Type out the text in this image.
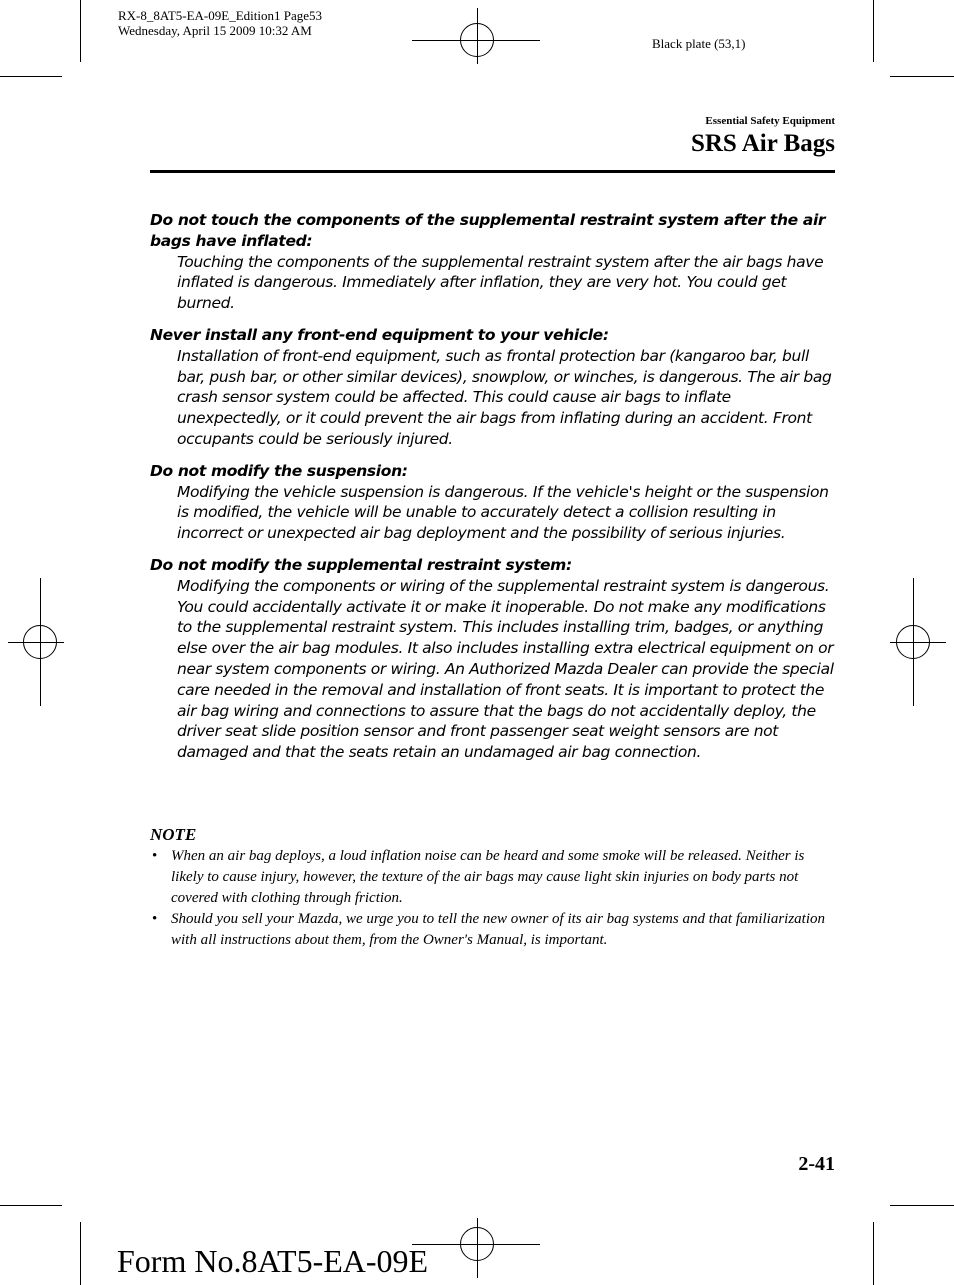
RX-8_8AT5-EA-09E_Edition1 Page53
Wednesday, April 15 2009 10:32 AM
Black plate (53,1)
Essential Safety Equipment
SRS Air Bags

Do not touch the components of the supplemental restraint system after the air bags have inflated:

Touching the components of the supplemental restraint system after the air bags have inflated is dangerous. Immediately after inflation, they are very hot. You could get burned.

Never install any front-end equipment to your vehicle:

Installation of front-end equipment, such as frontal protection bar (kangaroo bar, bull bar, push bar, or other similar devices), snowplow, or winches, is dangerous. The air bag crash sensor system could be affected. This could cause air bags to inflate unexpectedly, or it could prevent the air bags from inflating during an accident. Front occupants could be seriously injured.

Do not modify the suspension:

Modifying the vehicle suspension is dangerous. If the vehicle's height or the suspension is modified, the vehicle will be unable to accurately detect a collision resulting in incorrect or unexpected air bag deployment and the possibility of serious injuries.

Do not modify the supplemental restraint system:

Modifying the components or wiring of the supplemental restraint system is dangerous. You could accidentally activate it or make it inoperable. Do not make any modifications to the supplemental restraint system. This includes installing trim, badges, or anything else over the air bag modules. It also includes installing extra electrical equipment on or near system components or wiring. An Authorized Mazda Dealer can provide the special care needed in the removal and installation of front seats. It is important to protect the air bag wiring and connections to assure that the bags do not accidentally deploy, the driver seat slide position sensor and front passenger seat weight sensors are not damaged and that the seats retain an undamaged air bag connection.

NOTE

• When an air bag deploys, a loud inflation noise can be heard and some smoke will be released. Neither is likely to cause injury, however, the texture of the air bags may cause light skin injuries on body parts not covered with clothing through friction.
• Should you sell your Mazda, we urge you to tell the new owner of its air bag systems and that familiarization with all instructions about them, from the Owner's Manual, is important.
2-41
Form No.8AT5-EA-09E
